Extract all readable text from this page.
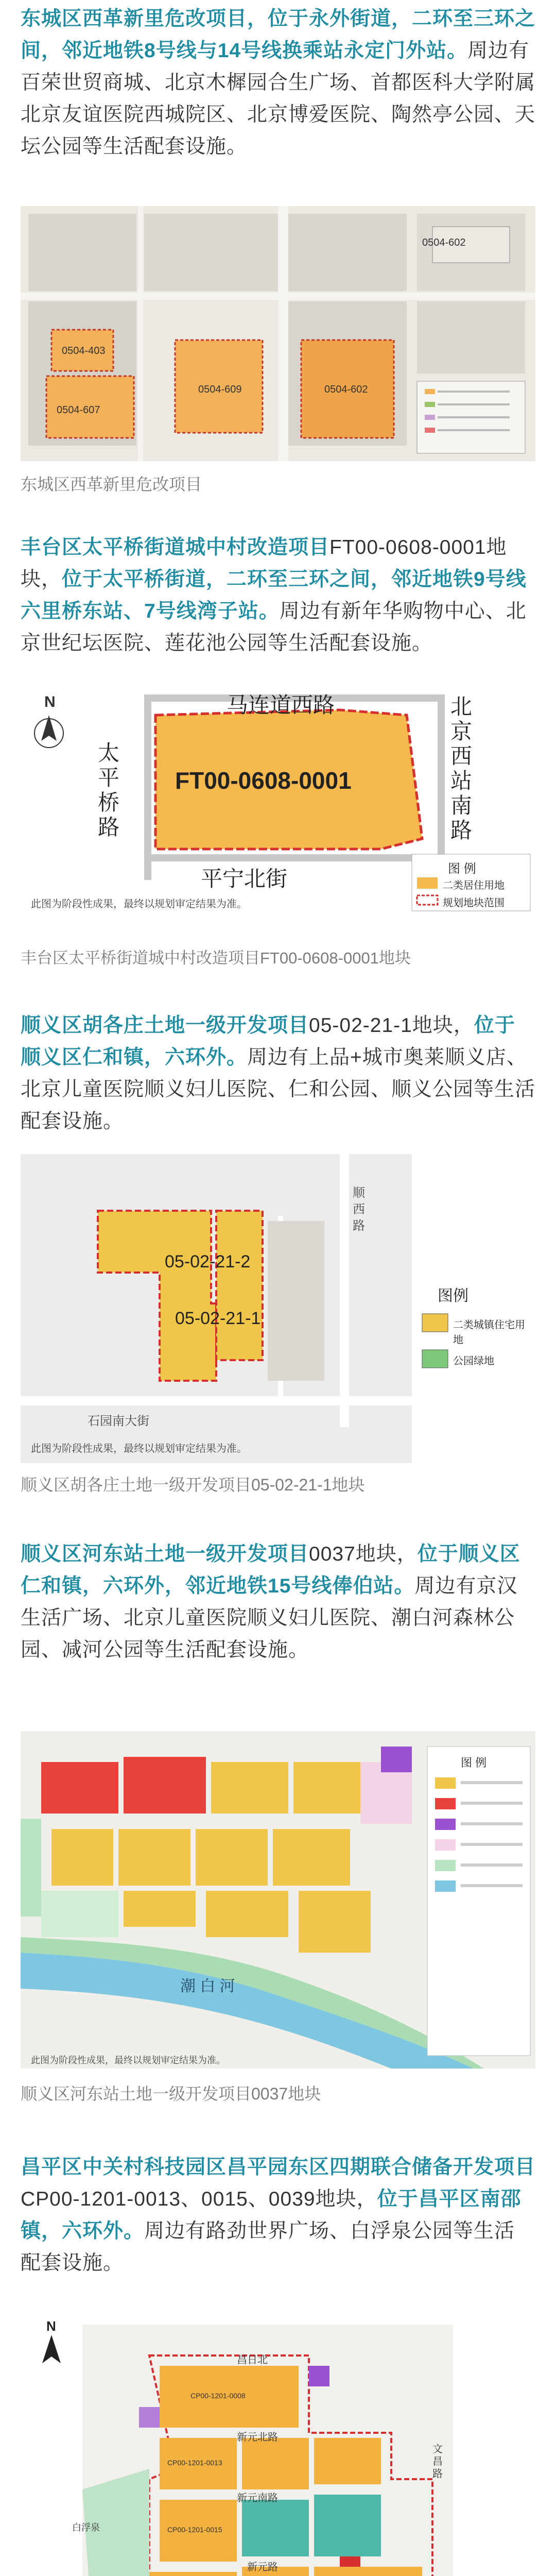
东城区西革新里危改项目，位于永外街道，二环至三环之间，邻近地铁8号线与14号线换乘站永定门外站。周边有百荣世贸商城、北京木樨园合生广场、首都医科大学附属北京友谊医院西城院区、北京博爱医院、陶然亭公园、天坛公园等生活配套设施。
0504-403
0504-602
0504-607
0504-609	0504-602
东城区西革新里危改项目
丰台区太平桥街道城中村改造项目FT00-0608-0001地块，位于太平桥街道，二环至三环之间，邻近地铁9号线六里桥东站、7号线湾子站。周边有新年华购物中心、北京世纪坛医院、莲花池公园等生活配套设施。
N	马连道西路
太平桥路
北京西站南路
平宁北街
FT00-0608-0001
图 例
二类居住用地
规划地块范围
此图为阶段性成果，最终以规划审定结果为准。
丰台区太平桥街道城中村改造项目FT00-0608-0001地块
顺义区胡各庄土地一级开发项目05-02-21-1地块，位于顺义区仁和镇，六环外。周边有上品+城市奥莱顺义店、北京儿童医院顺义妇儿医院、仁和公园、顺义公园等生活配套设施。
05-02-21-2
05-02-21-1
顺
西
路
石园南大街
图例
二类城镇住宅用地
公园绿地
此图为阶段性成果，最终以规划审定结果为准。
顺义区胡各庄土地一级开发项目05-02-21-1地块
顺义区河东站土地一级开发项目0037地块，位于顺义区仁和镇，六环外，邻近地铁15号线俸伯站。周边有京汉生活广场、北京儿童医院顺义妇儿医院、潮白河森林公园、减河公园等生活配套设施。
潮 白 河
图 例
此图为阶段性成果，最终以规划审定结果为准。
顺义区河东站土地一级开发项目0037地块
昌平区中关村科技园区昌平园东区四期联合储备开发项目CP00-1201-0013、0015、0039地块，位于昌平区南邵镇，六环外。周边有路劲世界广场、白浮泉公园等生活配套设施。
N
昌日北
新元北路
新元南路
新元路
文昌路
白浮泉
CP00-1201-0008
CP00-1201-0013
CP00-1201-0015
